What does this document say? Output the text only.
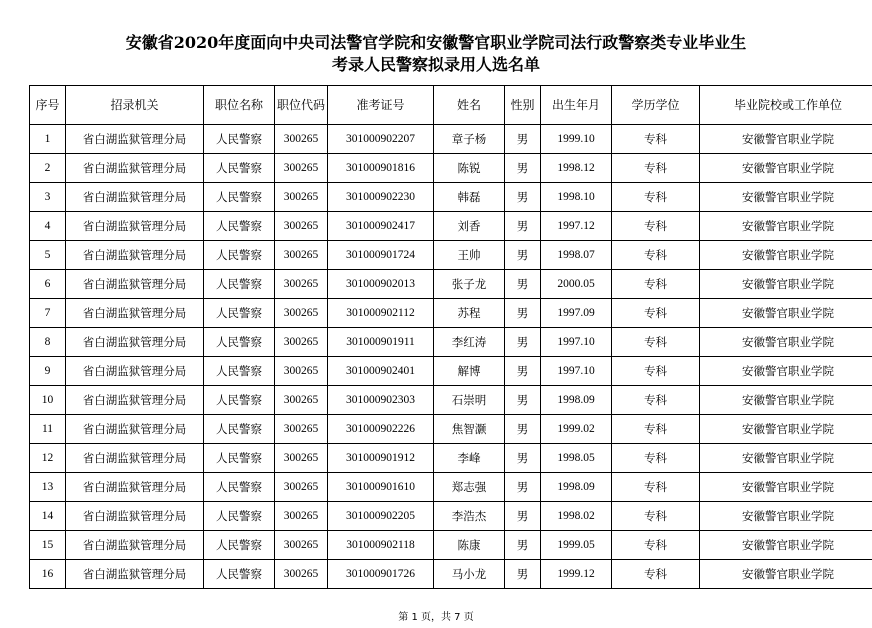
安徽省2020年度面向中央司法警官学院和安徽警官职业学院司法行政警察类专业毕业生
考录人民警察拟录用人选名单
序号	招录机关	职位名称	职位代码	准考证号	姓名	性别	出生年月	学历学位	毕业院校或工作单位
1	省白湖监狱管理分局	人民警察	300265	301000902207	章子杨	男	1999.10	专科	安徽警官职业学院
2	省白湖监狱管理分局	人民警察	300265	301000901816	陈锐	男	1998.12	专科	安徽警官职业学院
3	省白湖监狱管理分局	人民警察	300265	301000902230	韩磊	男	1998.10	专科	安徽警官职业学院
4	省白湖监狱管理分局	人民警察	300265	301000902417	刘香	男	1997.12	专科	安徽警官职业学院
5	省白湖监狱管理分局	人民警察	300265	301000901724	王帅	男	1998.07	专科	安徽警官职业学院
6	省白湖监狱管理分局	人民警察	300265	301000902013	张子龙	男	2000.05	专科	安徽警官职业学院
7	省白湖监狱管理分局	人民警察	300265	301000902112	苏程	男	1997.09	专科	安徽警官职业学院
8	省白湖监狱管理分局	人民警察	300265	301000901911	李红涛	男	1997.10	专科	安徽警官职业学院
9	省白湖监狱管理分局	人民警察	300265	301000902401	解博	男	1997.10	专科	安徽警官职业学院
10	省白湖监狱管理分局	人民警察	300265	301000902303	石崇明	男	1998.09	专科	安徽警官职业学院
11	省白湖监狱管理分局	人民警察	300265	301000902226	焦智灏	男	1999.02	专科	安徽警官职业学院
12	省白湖监狱管理分局	人民警察	300265	301000901912	李峰	男	1998.05	专科	安徽警官职业学院
13	省白湖监狱管理分局	人民警察	300265	301000901610	郑志强	男	1998.09	专科	安徽警官职业学院
14	省白湖监狱管理分局	人民警察	300265	301000902205	李浩杰	男	1998.02	专科	安徽警官职业学院
15	省白湖监狱管理分局	人民警察	300265	301000902118	陈康	男	1999.05	专科	安徽警官职业学院
16	省白湖监狱管理分局	人民警察	300265	301000901726	马小龙	男	1999.12	专科	安徽警官职业学院
第 1 页，共 7 页
